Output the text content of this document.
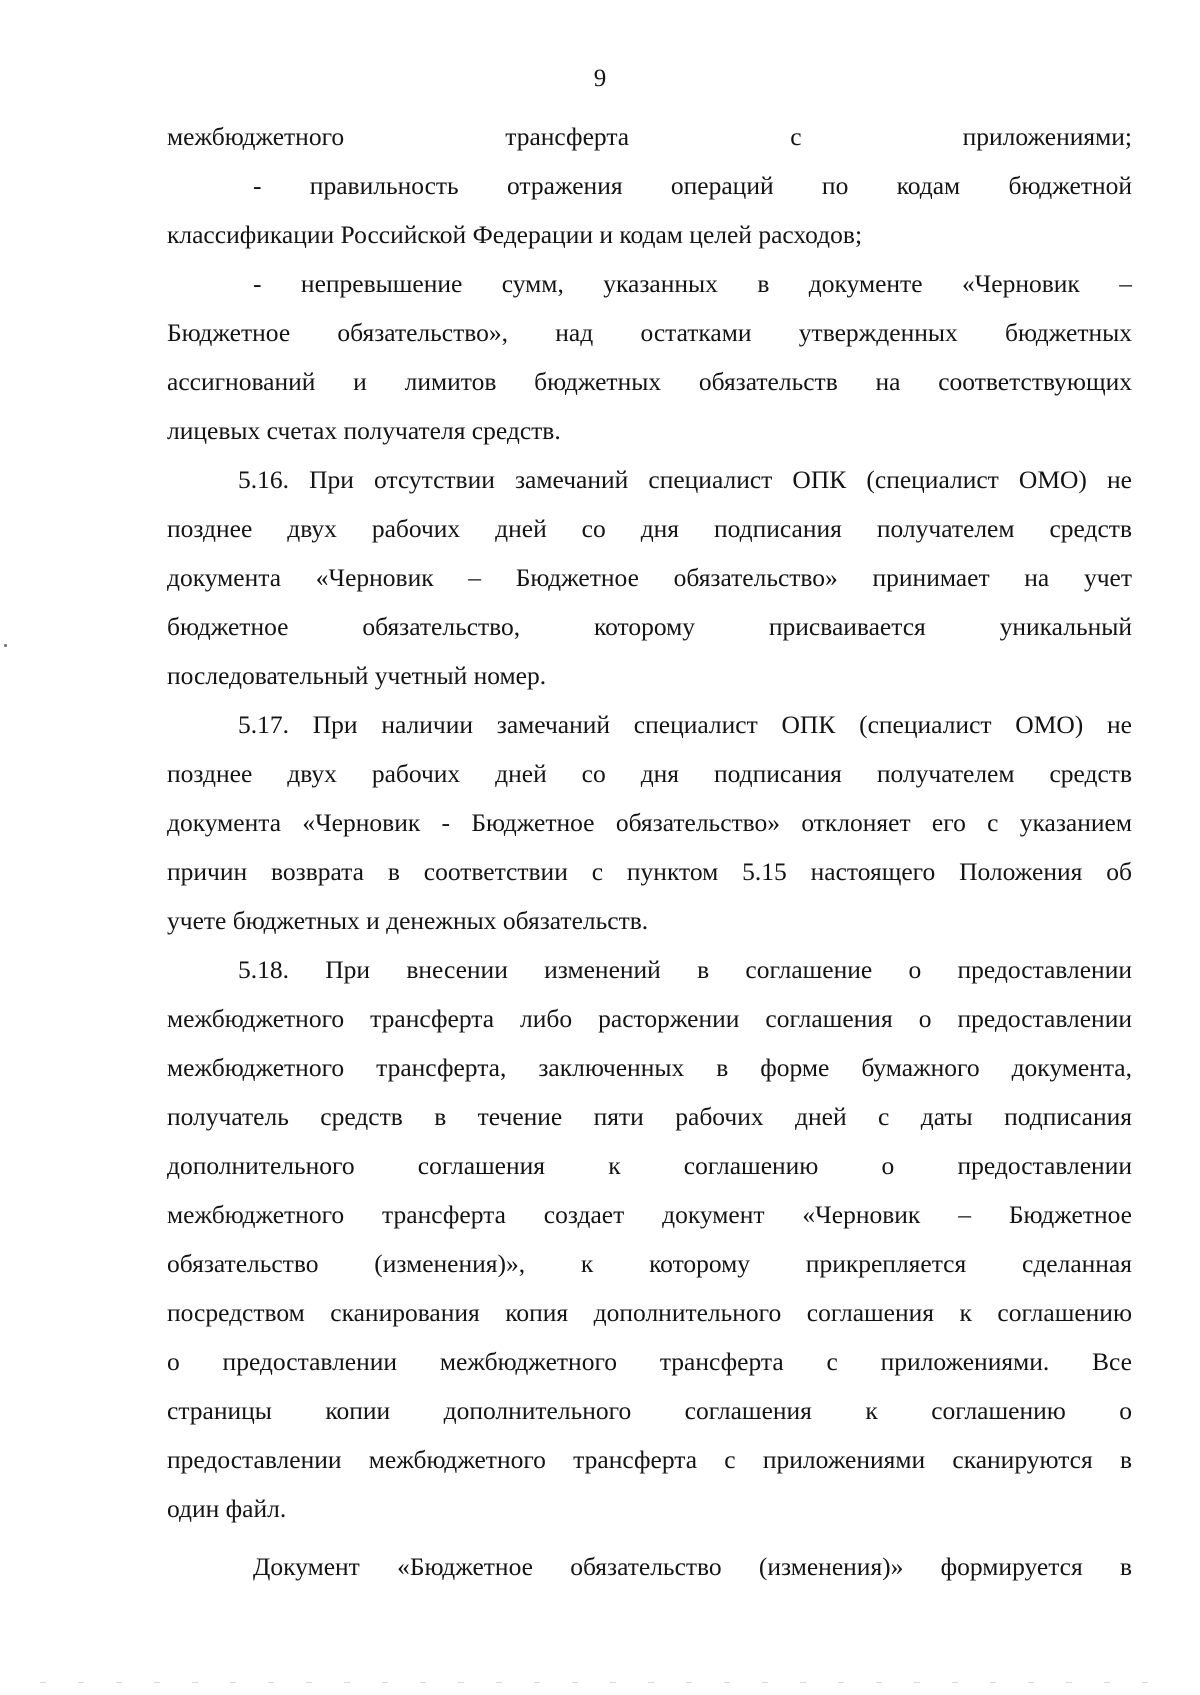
9

межбюджетного трансферта с приложениями;

- правильность отражения операций по кодам бюджетной

классификации Российской Федерации и кодам целей расходов;

- непревышение сумм, указанных в документе «Черновик –

Бюджетное обязательство», над остатками утвержденных бюджетных

ассигнований и лимитов бюджетных обязательств на соответствующих

лицевых счетах получателя средств.

5.16. При отсутствии замечаний специалист ОПК (специалист ОМО) не

позднее двух рабочих дней со дня подписания получателем средств

документа «Черновик – Бюджетное обязательство» принимает на учет

бюджетное обязательство, которому присваивается уникальный

последовательный учетный номер.

5.17. При наличии замечаний специалист ОПК (специалист ОМО) не

позднее двух рабочих дней со дня подписания получателем средств

документа «Черновик - Бюджетное обязательство» отклоняет его с указанием

причин возврата в соответствии с пунктом 5.15 настоящего Положения об

учете бюджетных и денежных обязательств.

5.18. При внесении изменений в соглашение о предоставлении

межбюджетного трансферта либо расторжении соглашения о предоставлении

межбюджетного трансферта, заключенных в форме бумажного документа,

получатель средств в течение пяти рабочих дней с даты подписания

дополнительного соглашения к соглашению о предоставлении

межбюджетного трансферта создает документ «Черновик – Бюджетное

обязательство (изменения)», к которому прикрепляется сделанная

посредством сканирования копия дополнительного соглашения к соглашению

о предоставлении межбюджетного трансферта с приложениями. Все

страницы копии дополнительного соглашения к соглашению о

предоставлении межбюджетного трансферта с приложениями сканируются в

один файл.

Документ «Бюджетное обязательство (изменения)» формируется в
